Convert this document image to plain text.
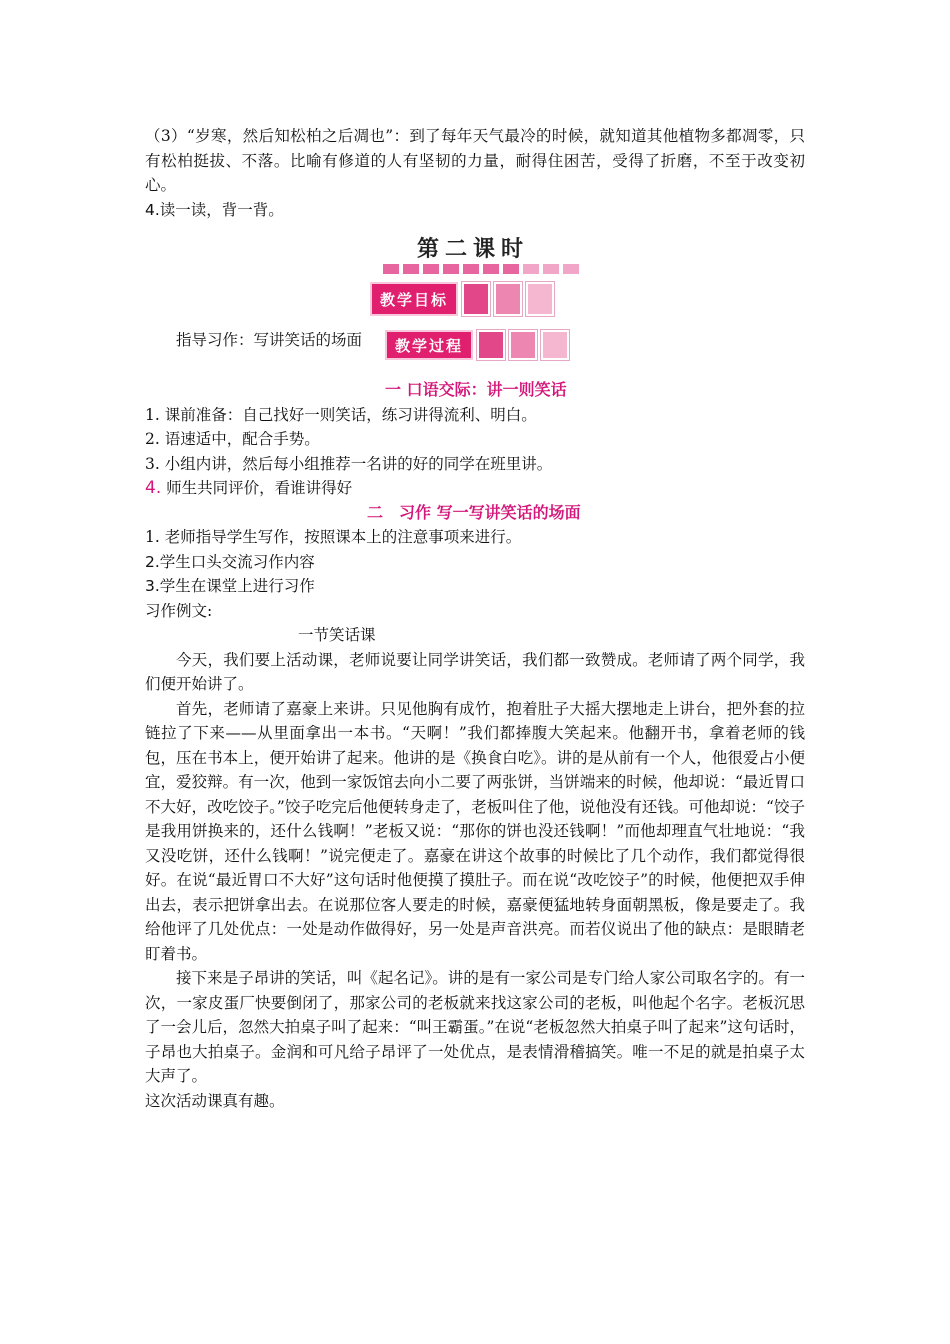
（3）“岁寒，然后知松柏之后凋也”：到了每年天气最冷的时候，就知道其他植物多都凋零，只有松柏挺拔、不落。比喻有修道的人有坚韧的力量，耐得住困苦，受得了折磨，不至于改变初心。

4.读一读，背一背。

第二课时
教学目标

指导习作：写讲笑话的场面	教学过程

一 口语交际：讲一则笑话

1. 课前准备：自己找好一则笑话，练习讲得流利、明白。

2. 语速适中，配合手势。

3. 小组内讲，然后每小组推荐一名讲的好的同学在班里讲。

4. 师生共同评价，看谁讲得好

二　习作 写一写讲笑话的场面

1. 老师指导学生写作，按照课本上的注意事项来进行。

2.学生口头交流习作内容

3.学生在课堂上进行习作

习作例文:

一节笑话课

今天，我们要上活动课，老师说要让同学讲笑话，我们都一致赞成。老师请了两个同学，我们便开始讲了。

首先，老师请了嘉豪上来讲。只见他胸有成竹，抱着肚子大摇大摆地走上讲台，把外套的拉链拉了下来——从里面拿出一本书。“天啊！”我们都捧腹大笑起来。他翻开书，拿着老师的钱包，压在书本上，便开始讲了起来。他讲的是《换食白吃》。讲的是从前有一个人，他很爱占小便宜，爱狡辩。有一次，他到一家饭馆去向小二要了两张饼，当饼端来的时候，他却说：“最近胃口不大好，改吃饺子。”饺子吃完后他便转身走了，老板叫住了他，说他没有还钱。可他却说：“饺子是我用饼换来的，还什么钱啊！”老板又说：“那你的饼也没还钱啊！”而他却理直气壮地说：“我又没吃饼，还什么钱啊！”说完便走了。嘉豪在讲这个故事的时候比了几个动作，我们都觉得很好。在说“最近胃口不大好”这句话时他便摸了摸肚子。而在说“改吃饺子”的时候，他便把双手伸出去，表示把饼拿出去。在说那位客人要走的时候，嘉豪便猛地转身面朝黑板，像是要走了。我给他评了几处优点：一处是动作做得好，另一处是声音洪亮。而若仪说出了他的缺点：是眼睛老盯着书。

接下来是子昂讲的笑话，叫《起名记》。讲的是有一家公司是专门给人家公司取名字的。有一次，一家皮蛋厂快要倒闭了，那家公司的老板就来找这家公司的老板，叫他起个名字。老板沉思了一会儿后，忽然大拍桌子叫了起来：“叫王霸蛋。”在说“老板忽然大拍桌子叫了起来”这句话时，子昂也大拍桌子。金润和可凡给子昂评了一处优点，是表情滑稽搞笑。唯一不足的就是拍桌子太大声了。

这次活动课真有趣。
